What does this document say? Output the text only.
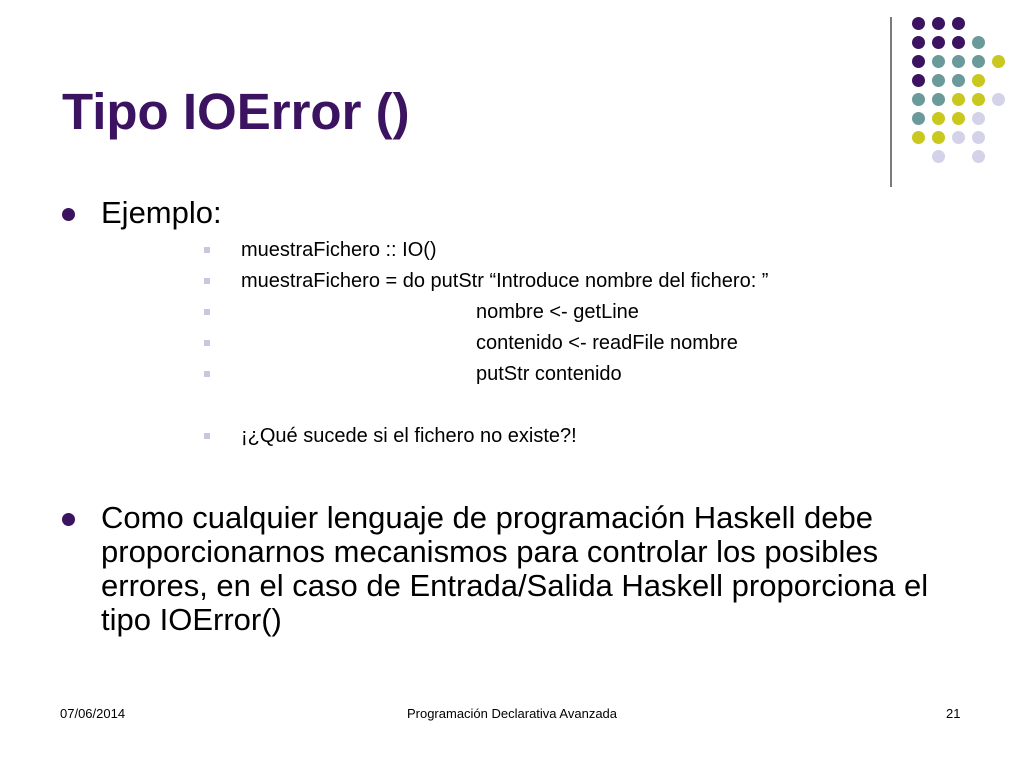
Tipo IOError ()
Ejemplo:

muestraFichero :: IO()

muestraFichero = do putStr “Introduce nombre del fichero: ”

nombre <- getLine

contenido <- readFile nombre

putStr contenido

¡¿Qué sucede si el fichero no existe?!

Como cualquier lenguaje de programación Haskell debe proporcionarnos mecanismos para controlar los posibles errores, en el caso de Entrada/Salida Haskell proporciona el tipo IOError()
07/06/2014	Programación Declarativa Avanzada	21
